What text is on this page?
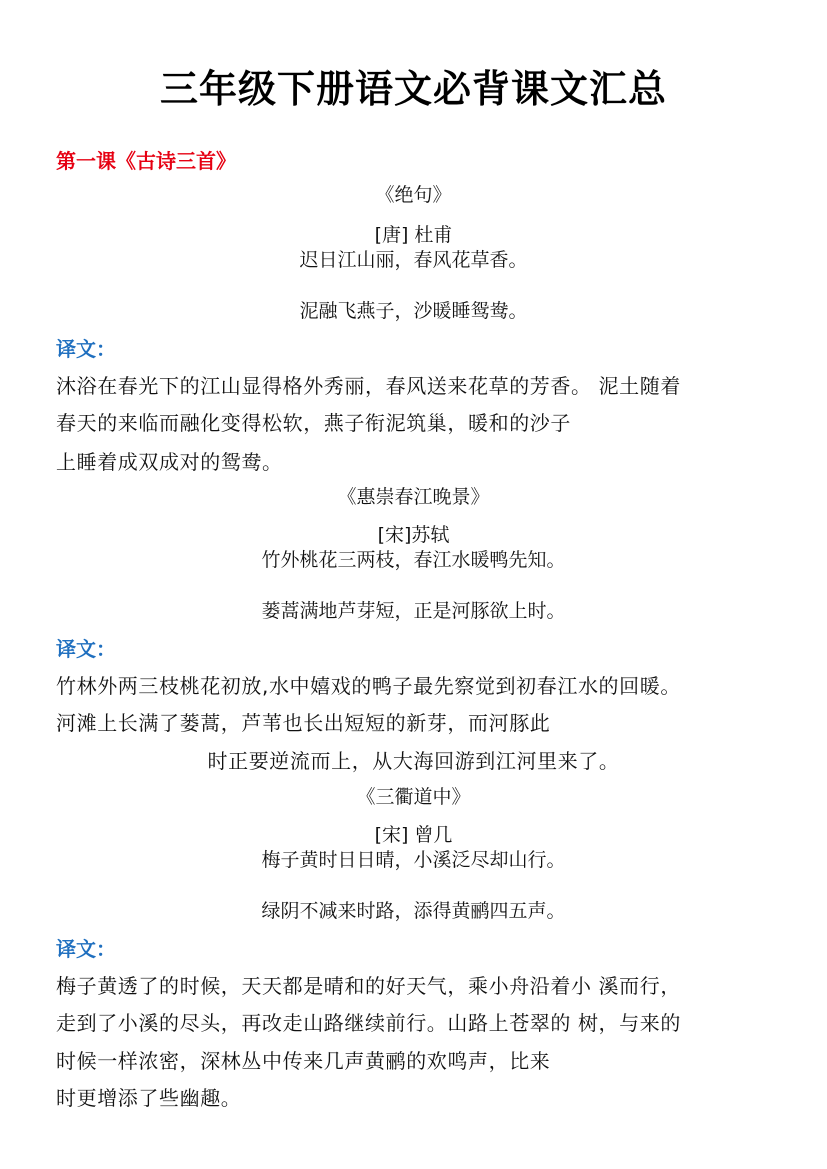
三年级下册语文必背课文汇总
第一课《古诗三首》
《绝句》
[唐] 杜甫
迟日江山丽，春风花草香。
泥融飞燕子，沙暖睡鸳鸯。
译文：
沐浴在春光下的江山显得格外秀丽，春风送来花草的芳香。 泥土随着
春天的来临而融化变得松软，燕子衔泥筑巢，暖和的沙子
上睡着成双成对的鸳鸯。
《惠崇春江晚景》
[宋]苏轼
竹外桃花三两枝，春江水暖鸭先知。
蒌蒿满地芦芽短，正是河豚欲上时。
译文：
竹林外两三枝桃花初放,水中嬉戏的鸭子最先察觉到初春江水的回暖。
河滩上长满了蒌蒿，芦苇也长出短短的新芽，而河豚此
时正要逆流而上，从大海回游到江河里来了。
《三衢道中》
[宋] 曾几
梅子黄时日日晴，小溪泛尽却山行。
绿阴不减来时路，添得黄鹂四五声。
译文：
梅子黄透了的时候，天天都是晴和的好天气，乘小舟沿着小 溪而行，
走到了小溪的尽头，再改走山路继续前行。山路上苍翠的 树，与来的
时候一样浓密，深林丛中传来几声黄鹂的欢鸣声，比来
时更增添了些幽趣。
